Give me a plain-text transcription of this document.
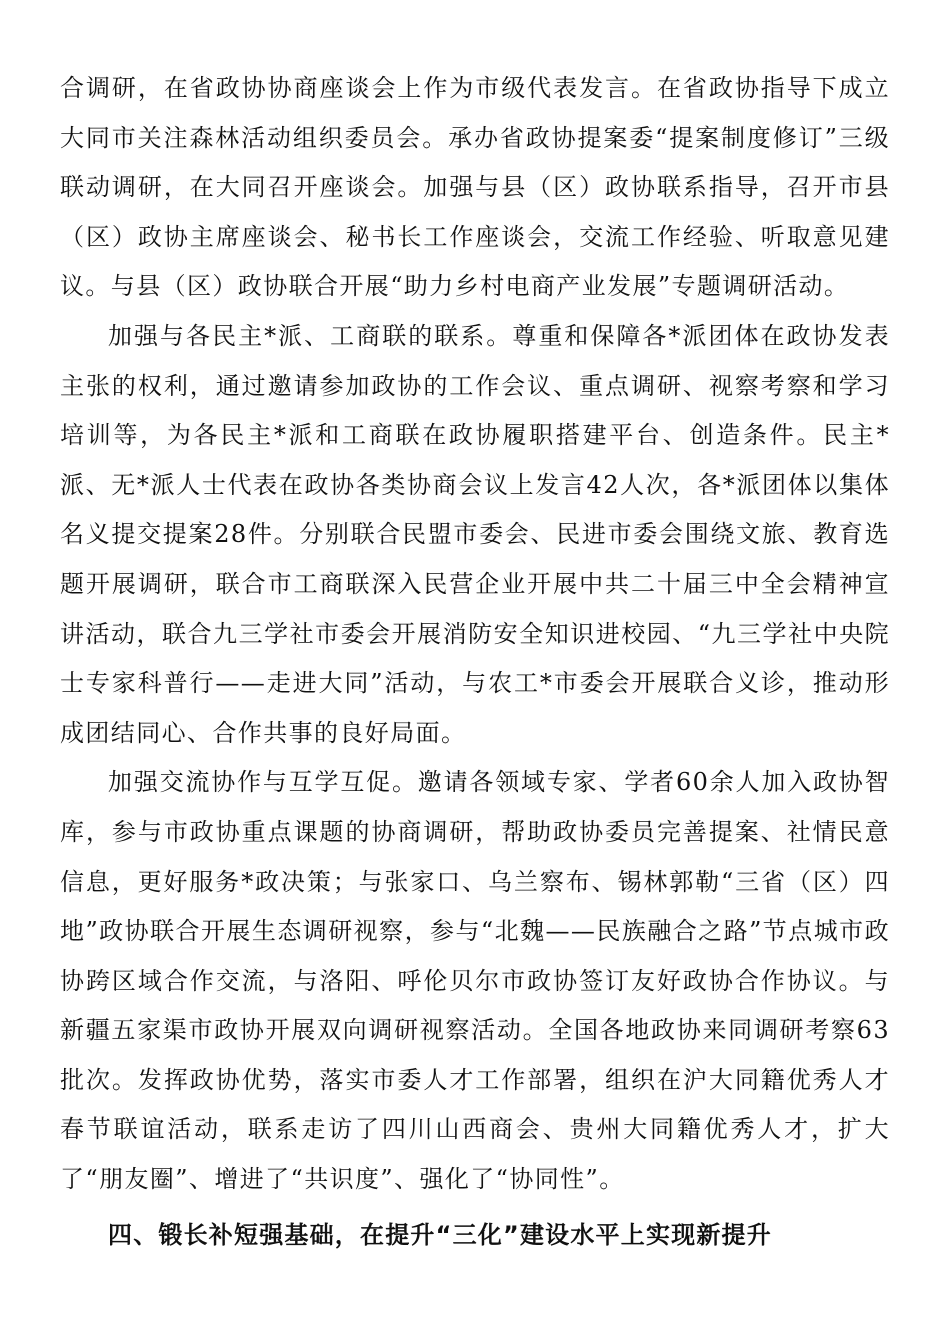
合调研，在省政协协商座谈会上作为市级代表发言。在省政协指导下成立大同市关注森林活动组织委员会。承办省政协提案委“提案制度修订”三级联动调研，在大同召开座谈会。加强与县（区）政协联系指导，召开市县（区）政协主席座谈会、秘书长工作座谈会，交流工作经验、听取意见建议。与县（区）政协联合开展“助力乡村电商产业发展”专题调研活动。

加强与各民主*派、工商联的联系。尊重和保障各*派团体在政协发表主张的权利，通过邀请参加政协的工作会议、重点调研、视察考察和学习培训等，为各民主*派和工商联在政协履职搭建平台、创造条件。民主*派、无*派人士代表在政协各类协商会议上发言42人次，各*派团体以集体名义提交提案28件。分别联合民盟市委会、民进市委会围绕文旅、教育选题开展调研，联合市工商联深入民营企业开展中共二十届三中全会精神宣讲活动，联合九三学社市委会开展消防安全知识进校园、“九三学社中央院士专家科普行——走进大同”活动，与农工*市委会开展联合义诊，推动形成团结同心、合作共事的良好局面。

加强交流协作与互学互促。邀请各领域专家、学者60余人加入政协智库，参与市政协重点课题的协商调研，帮助政协委员完善提案、社情民意信息，更好服务*政决策；与张家口、乌兰察布、锡林郭勒“三省（区）四地”政协联合开展生态调研视察，参与“北魏——民族融合之路”节点城市政协跨区域合作交流，与洛阳、呼伦贝尔市政协签订友好政协合作协议。与新疆五家渠市政协开展双向调研视察活动。全国各地政协来同调研考察63批次。发挥政协优势，落实市委人才工作部署，组织在沪大同籍优秀人才春节联谊活动，联系走访了四川山西商会、贵州大同籍优秀人才，扩大了“朋友圈”、增进了“共识度”、强化了“协同性”。

四、锻长补短强基础，在提升“三化”建设水平上实现新提升
